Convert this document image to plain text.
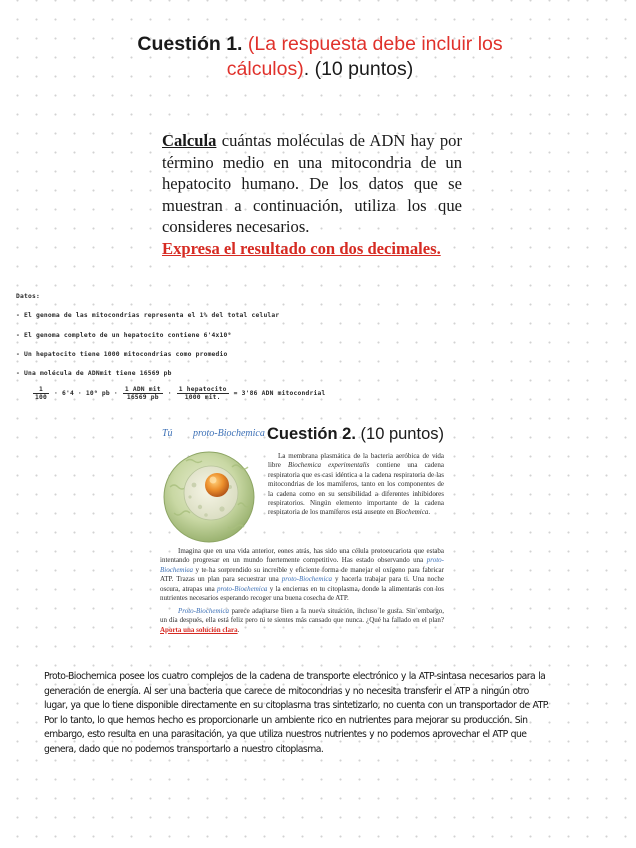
Cuestión 1. (La respuesta debe incluir los cálculos). (10 puntos)
Calcula cuántas moléculas de ADN hay por término medio en una mitocondria de un hepatocito humano. De los datos que se muestran a continuación, utiliza los que consideres necesarios.
Expresa el resultado con dos decimales.
Datos:
- El genoma de las mitocondrias representa el 1% del total celular
- El genoma completo de un hepatocito contiene 6'4x10⁹
- Un hepatocito tiene 1000 mitocondrias como promedio
- Una molécula de ADNmit tiene 16569 pb
$\frac{1}{100} \cdot 6'4 \cdot 10^9$ pb · $\frac{\text{1 ADN mit}}{16569 pb} \cdot \frac{\text{1 hepatocito}}{\text{1000 mit.}} = 3'86$ ADN mitocondrial
Tú proto-Biochemica Cuestión 2. (10 puntos)
La membrana plasmática de la bacteria aeróbica de vida libre Biochemica experimentalis contiene una cadena respiratoria que es casi idéntica a la cadena respiratoria de las mitocondrias de los mamíferos, tanto en los componentes de la cadena como en su sensibilidad a diferentes inhibidores respiratorios. Ningún elemento importante de la cadena respiratoria de los mamíferos está ausente en Biochemica.
Imagina que en una vida anterior, eones atrás, has sido una célula protoeucariota que estaba intentando progresar en un mundo fuertemente competitivo. Has estado observando una proto-Biochemica y te ha sorprendido su increíble y eficiente forma de manejar el oxígeno para fabricar ATP. Trazas un plan para secuestrar una proto-Biochemica y hacerla trabajar para ti. Una noche oscura, atrapas una proto-Biochemica y la encierras en tu citoplasma, donde la alimentarás con los nutrientes necesarios esperando recoger una buena cosecha de ATP.
Proto-Biochemica parece adaptarse bien a la nueva situación, incluso le gusta. Sin embargo, un día después, ella está feliz pero tú te sientes más cansado que nunca. ¿Qué ha fallado en el plan? Aporta una solución clara.
Proto-Biochemica posee los cuatro complejos de la cadena de transporte electrónico y la ATP-sintasa necesarios para la generación de energía. Al ser una bacteria que carece de mitocondrias y no necesita transferir el ATP a ningún otro lugar, ya que lo tiene disponible directamente en su citoplasma tras sintetizarlo, no cuenta con un transportador de ATP. Por lo tanto, lo que hemos hecho es proporcionarle un ambiente rico en nutrientes para mejorar su producción. Sin embargo, esto resulta en una parasitación, ya que utiliza nuestros nutrientes y no podemos aprovechar el ATP que genera, dado que no podemos transportarlo a nuestro citoplasma.
